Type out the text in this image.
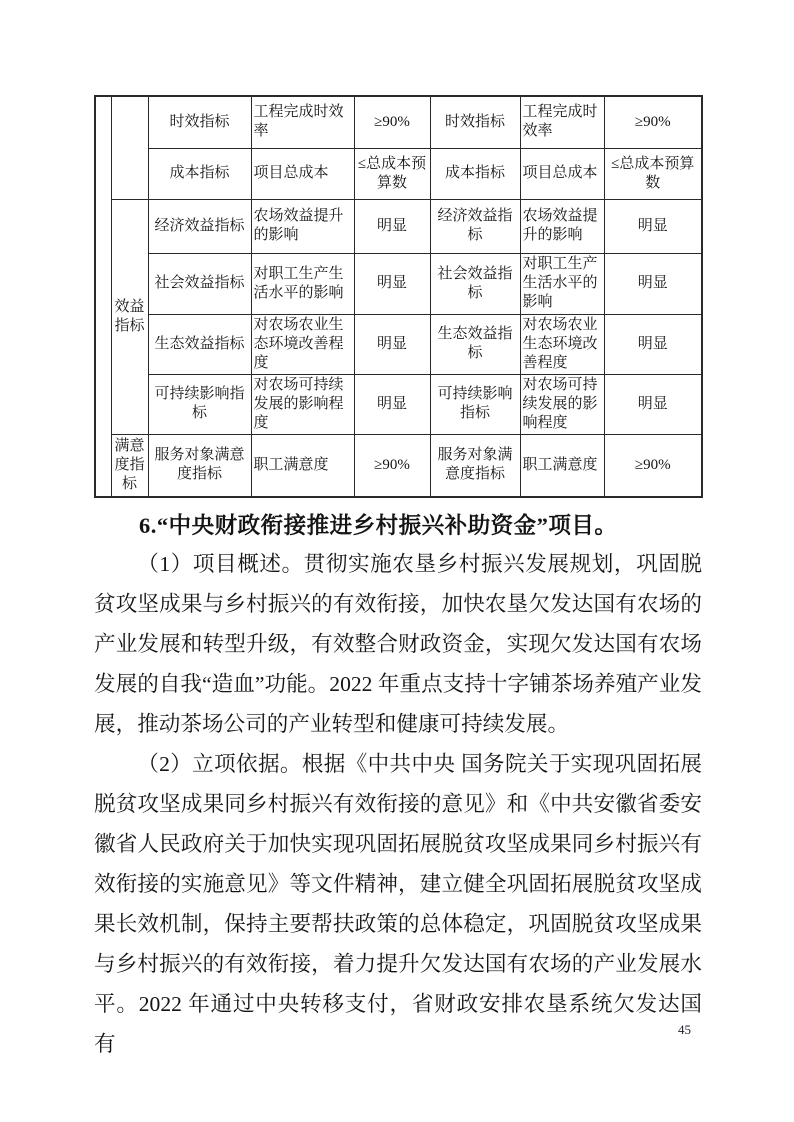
		时效指标	工程完成时效率	≥90%	时效指标	工程完成时效率	≥90%
		成本指标	项目总成本	≤总成本预算数	成本指标	项目总成本	≤总成本预算数
	效益指标	经济效益指标	农场效益提升的影响	明显	经济效益指标	农场效益提升的影响	明显
		社会效益指标	对职工生产生活水平的影响	明显	社会效益指标	对职工生产生活水平的影响	明显
		生态效益指标	对农场农业生态环境改善程度	明显	生态效益指标	对农场农业生态环境改善程度	明显
		可持续影响指标	对农场可持续发展的影响程度	明显	可持续影响指标	对农场可持续发展的影响程度	明显
	满意度指标	服务对象满意度指标	职工满意度	≥90%	服务对象满意度指标	职工满意度	≥90%
6.“中央财政衔接推进乡村振兴补助资金”项目。

（1）项目概述。贯彻实施农垦乡村振兴发展规划，巩固脱贫攻坚成果与乡村振兴的有效衔接，加快农垦欠发达国有农场的产业发展和转型升级，有效整合财政资金，实现欠发达国有农场发展的自我“造血”功能。2022 年重点支持十字铺茶场养殖产业发展，推动茶场公司的产业转型和健康可持续发展。

（2）立项依据。根据《中共中央 国务院关于实现巩固拓展脱贫攻坚成果同乡村振兴有效衔接的意见》和《中共安徽省委安徽省人民政府关于加快实现巩固拓展脱贫攻坚成果同乡村振兴有效衔接的实施意见》等文件精神，建立健全巩固拓展脱贫攻坚成果长效机制，保持主要帮扶政策的总体稳定，巩固脱贫攻坚成果与乡村振兴的有效衔接，着力提升欠发达国有农场的产业发展水平。2022 年通过中央转移支付，省财政安排农垦系统欠发达国有

45
